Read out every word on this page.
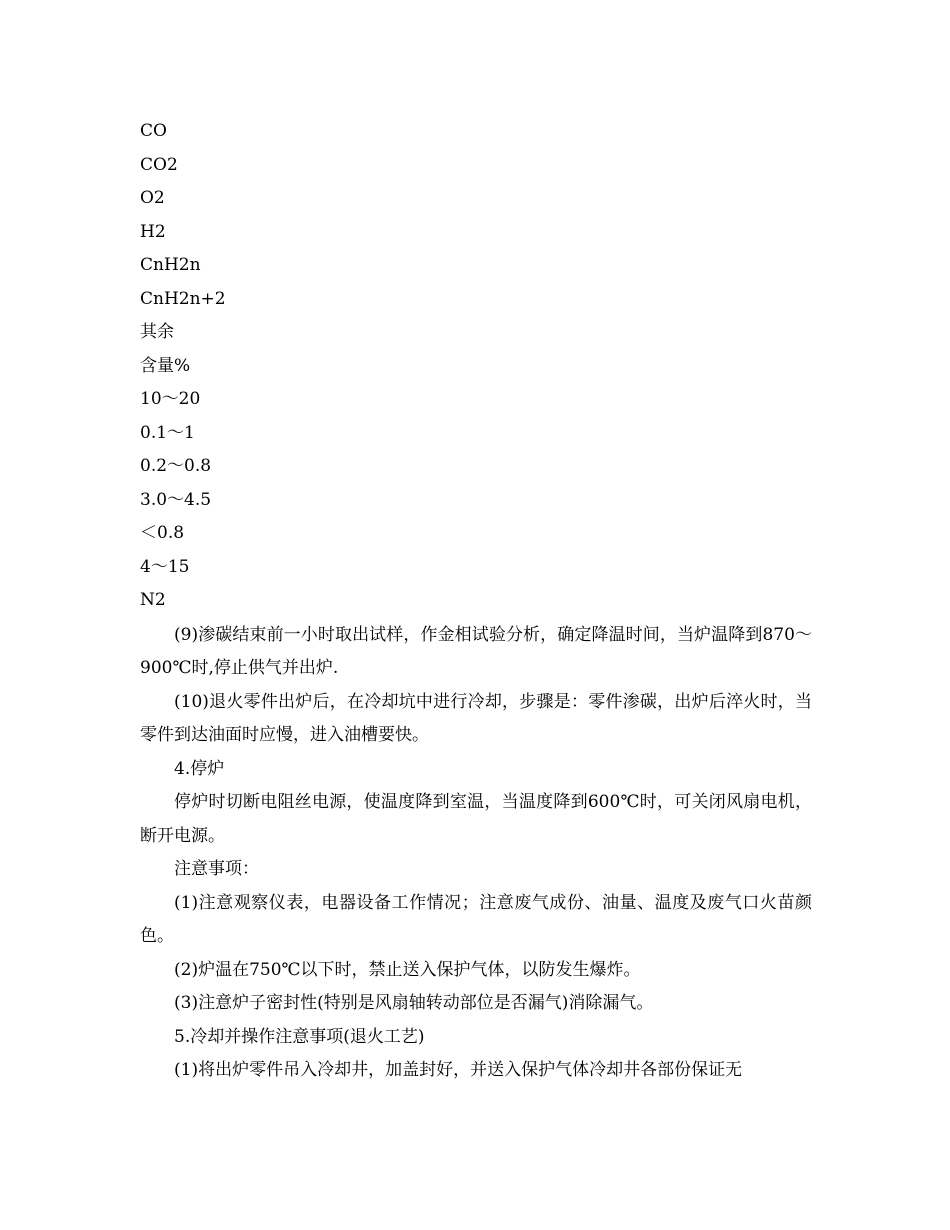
CO
CO2
O2
H2
CnH2n
CnH2n+2
其余
含量%
10～20
0.1～1
0.2～0.8
3.0～4.5
＜0.8
4～15
N2

(9)渗碳结束前一小时取出试样，作金相试验分析，确定降温时间，当炉温降到870～900℃时,停止供气并出炉.

(10)退火零件出炉后，在冷却坑中进行冷却，步骤是：零件渗碳，出炉后淬火时，当零件到达油面时应慢，进入油槽要快。

4.停炉

停炉时切断电阻丝电源，使温度降到室温，当温度降到600℃时，可关闭风扇电机，断开电源。

注意事项：

(1)注意观察仪表，电器设备工作情况；注意废气成份、油量、温度及废气口火苗颜色。

(2)炉温在750℃以下时，禁止送入保护气体，以防发生爆炸。

(3)注意炉子密封性(特别是风扇轴转动部位是否漏气)消除漏气。

5.冷却并操作注意事项(退火工艺)

(1)将出炉零件吊入冷却井，加盖封好，并送入保护气体冷却井各部份保证无
